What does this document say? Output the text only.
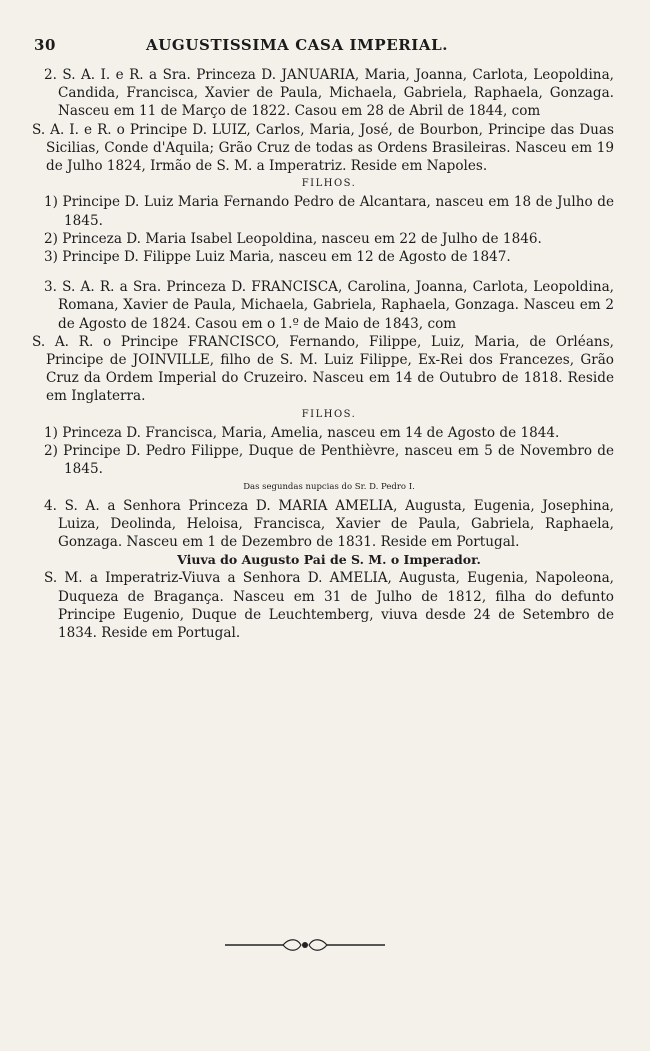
30	AUGUSTISSIMA CASA IMPERIAL.

2. S. A. I. e R. a Sra. Princeza D. JANUARIA, Maria, Joanna, Carlota, Leopoldina, Candida, Francisca, Xavier de Paula, Michaela, Gabriela, Raphaela, Gonzaga. Nasceu em 11 de Março de 1822. Casou em 28 de Abril de 1844, com

S. A. I. e R. o Principe D. LUIZ, Carlos, Maria, José, de Bourbon, Principe das Duas Sicilias, Conde d'Aquila; Grão Cruz de todas as Ordens Brasileiras. Nasceu em 19 de Julho 1824, Irmão de S. M. a Imperatriz. Reside em Napoles.

FILHOS.

1) Principe D. Luiz Maria Fernando Pedro de Alcantara, nasceu em 18 de Julho de 1845.

2) Princeza D. Maria Isabel Leopoldina, nasceu em 22 de Julho de 1846.

3) Principe D. Filippe Luiz Maria, nasceu em 12 de Agosto de 1847.

3. S. A. R. a Sra. Princeza D. FRANCISCA, Carolina, Joanna, Carlota, Leopoldina, Romana, Xavier de Paula, Michaela, Gabriela, Raphaela, Gonzaga. Nasceu em 2 de Agosto de 1824. Casou em o 1.º de Maio de 1843, com

S. A. R. o Principe FRANCISCO, Fernando, Filippe, Luiz, Maria, de Orléans, Principe de JOINVILLE, filho de S. M. Luiz Filippe, Ex-Rei dos Francezes, Grão Cruz da Ordem Imperial do Cruzeiro. Nasceu em 14 de Outubro de 1818. Reside em Inglaterra.

FILHOS.

1) Princeza D. Francisca, Maria, Amelia, nasceu em 14 de Agosto de 1844.

2) Principe D. Pedro Filippe, Duque de Penthièvre, nasceu em 5 de Novembro de 1845.

Das segundas nupcias do Sr. D. Pedro I.

4. S. A. a Senhora Princeza D. MARIA AMELIA, Augusta, Eugenia, Josephina, Luiza, Deolinda, Heloisa, Francisca, Xavier de Paula, Gabriela, Raphaela, Gonzaga. Nasceu em 1 de Dezembro de 1831. Reside em Portugal.

Viuva do Augusto Pai de S. M. o Imperador.

S. M. a Imperatriz-Viuva a Senhora D. AMELIA, Augusta, Eugenia, Napoleona, Duqueza de Bragança. Nasceu em 31 de Julho de 1812, filha do defunto Principe Eugenio, Duque de Leuchtemberg, viuva desde 24 de Setembro de 1834. Reside em Portugal.
